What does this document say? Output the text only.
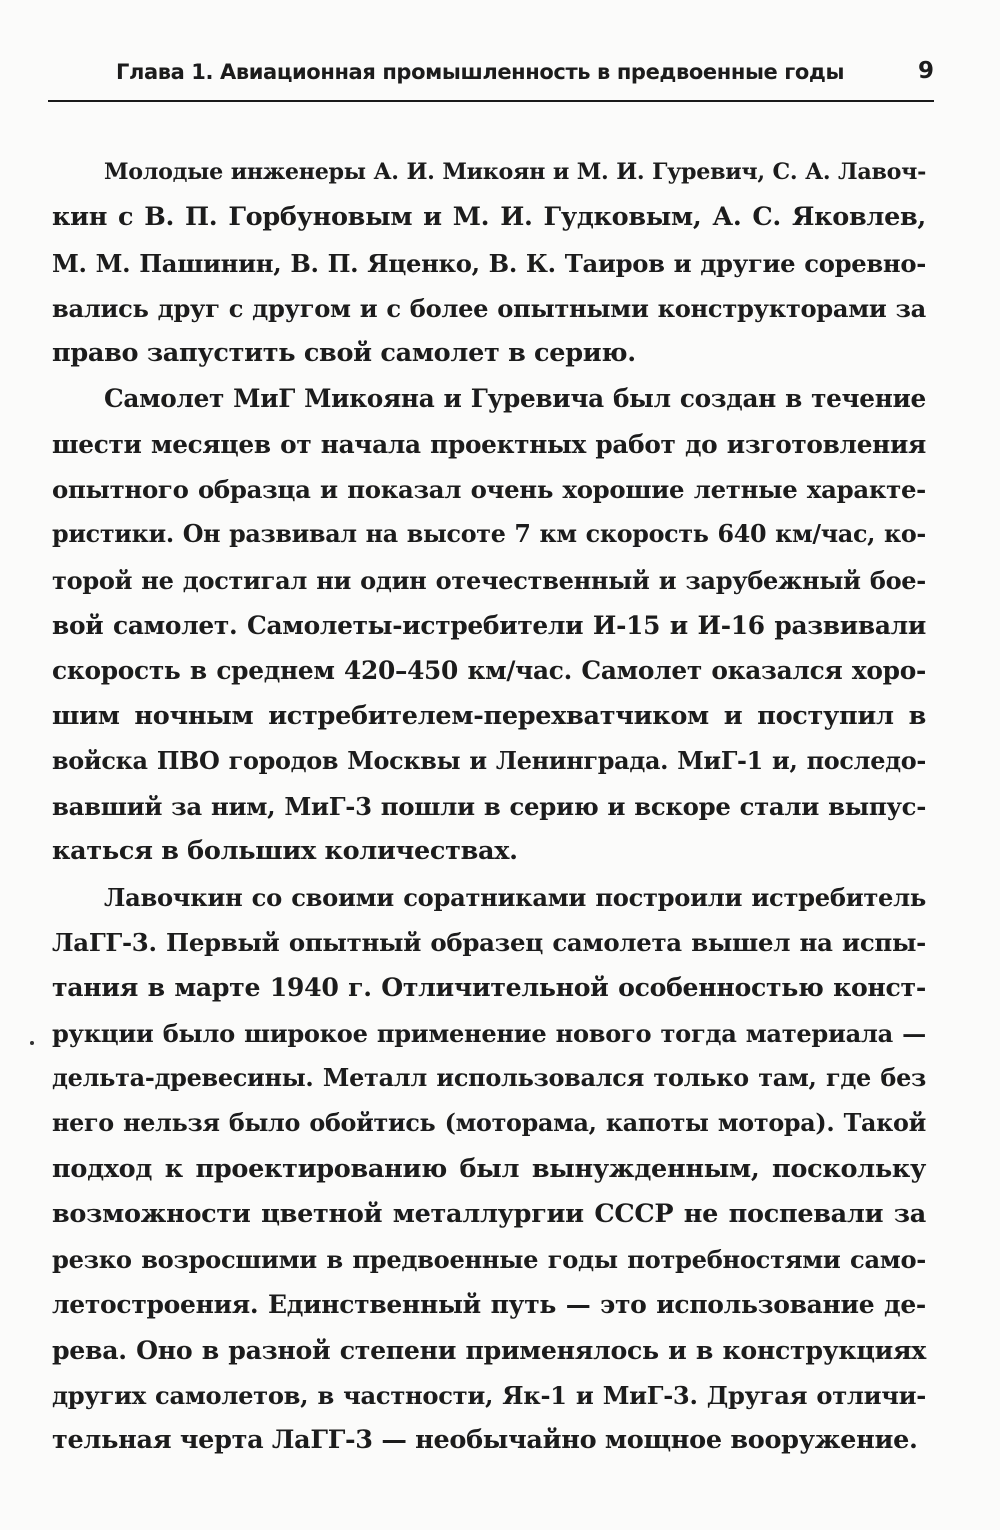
Глава 1. Авиационная промышленность в предвоенные годы	9

Молодые инженеры А. И. Микоян и М. И. Гуревич, С. А. Лавоч-
кин с В. П. Горбуновым и М. И. Гудковым, А. С. Яковлев,
М. М. Пашинин, В. П. Яценко, В. К. Таиров и другие соревно-
вались друг с другом и с более опытными конструкторами за
право запустить свой самолет в серию.

Самолет МиГ Микояна и Гуревича был создан в течение
шести месяцев от начала проектных работ до изготовления
опытного образца и показал очень хорошие летные характе-
ристики. Он развивал на высоте 7 км скорость 640 км/час, ко-
торой не достигал ни один отечественный и зарубежный бое-
вой самолет. Самолеты-истребители И-15 и И-16 развивали
скорость в среднем 420–450 км/час. Самолет оказался хоро-
шим ночным истребителем-перехватчиком и поступил в
войска ПВО городов Москвы и Ленинграда. МиГ-1 и, последо-
вавший за ним, МиГ-3 пошли в серию и вскоре стали выпус-
каться в больших количествах.

Лавочкин со своими соратниками построили истребитель
ЛаГГ-3. Первый опытный образец самолета вышел на испы-
тания в марте 1940 г. Отличительной особенностью конст-
рукции было широкое применение нового тогда материала —
дельта-древесины. Металл использовался только там, где без
него нельзя было обойтись (моторама, капоты мотора). Такой
подход к проектированию был вынужденным, поскольку
возможности цветной металлургии СССР не поспевали за
резко возросшими в предвоенные годы потребностями само-
летостроения. Единственный путь — это использование де-
рева. Оно в разной степени применялось и в конструкциях
других самолетов, в частности, Як-1 и МиГ-3. Другая отличи-
тельная черта ЛаГГ-3 — необычайно мощное вооружение.
